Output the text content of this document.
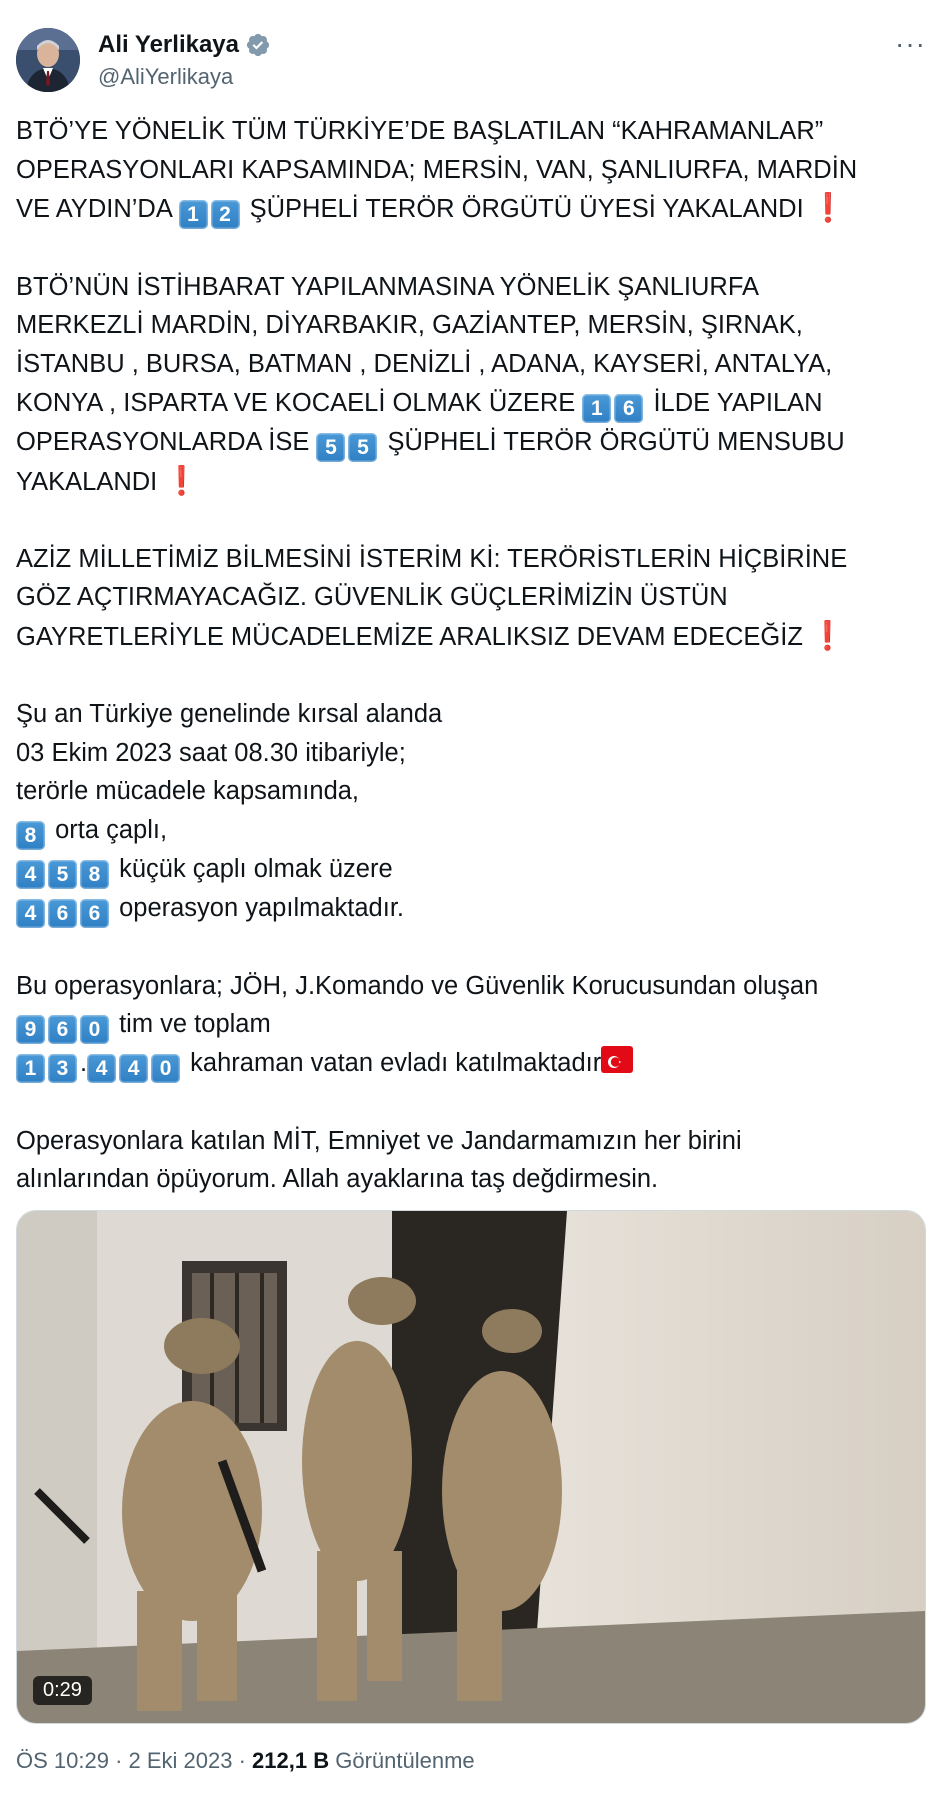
Ali Yerlikaya
@AliYerlikaya
···
BTÖ’YE YÖNELİK TÜM TÜRKİYE’DE BAŞLATILAN “KAHRAMANLAR”
OPERASYONLARI KAPSAMINDA; MERSİN, VAN, ŞANLIURFA, MARDİN
VE AYDIN’DA 1 2 ŞÜPHELİ TERÖR ÖRGÜTÜ ÜYESİ YAKALANDI ❗
BTÖ’NÜN İSTİHBARAT YAPILANMASINA YÖNELİK ŞANLIURFA
MERKEZLİ MARDİN, DİYARBAKIR, GAZİANTEP, MERSİN, ŞIRNAK,
İSTANBU , BURSA, BATMAN , DENİZLİ , ADANA, KAYSERİ, ANTALYA,
KONYA , ISPARTA VE KOCAELİ OLMAK ÜZERE 1 6 İLDE YAPILAN
OPERASYONLARDA İSE 5 5 ŞÜPHELİ TERÖR ÖRGÜTÜ MENSUBU
YAKALANDI ❗
AZİZ MİLLETİMİZ BİLMESİNİ İSTERİM Kİ: TERÖRİSTLERİN HİÇBİRİNE
GÖZ AÇTIRMAYACAĞIZ. GÜVENLİK GÜÇLERİMİZİN ÜSTÜN
GAYRETLERİYLE MÜCADELEMİZE ARALIKSIZ DEVAM EDECEĞİZ ❗
Şu an Türkiye genelinde kırsal alanda
03 Ekim 2023 saat 08.30 itibariyle;
terörle mücadele kapsamında,
8 orta çaplı,
4 5 8 küçük çaplı olmak üzere
4 6 6 operasyon yapılmaktadır.
Bu operasyonlara; JÖH, J.Komando ve Güvenlik Korucusundan oluşan
9 6 0 tim ve toplam
1 3 . 4 4 0 kahraman vatan evladı katılmaktadır
Operasyonlara katılan MİT, Emniyet ve Jandarmamızın her birini
alınlarından öpüyorum. Allah ayaklarına taş değdirmesin.
0:29
ÖS 10:29 · 2 Eki 2023 · 212,1 B Görüntülenme
